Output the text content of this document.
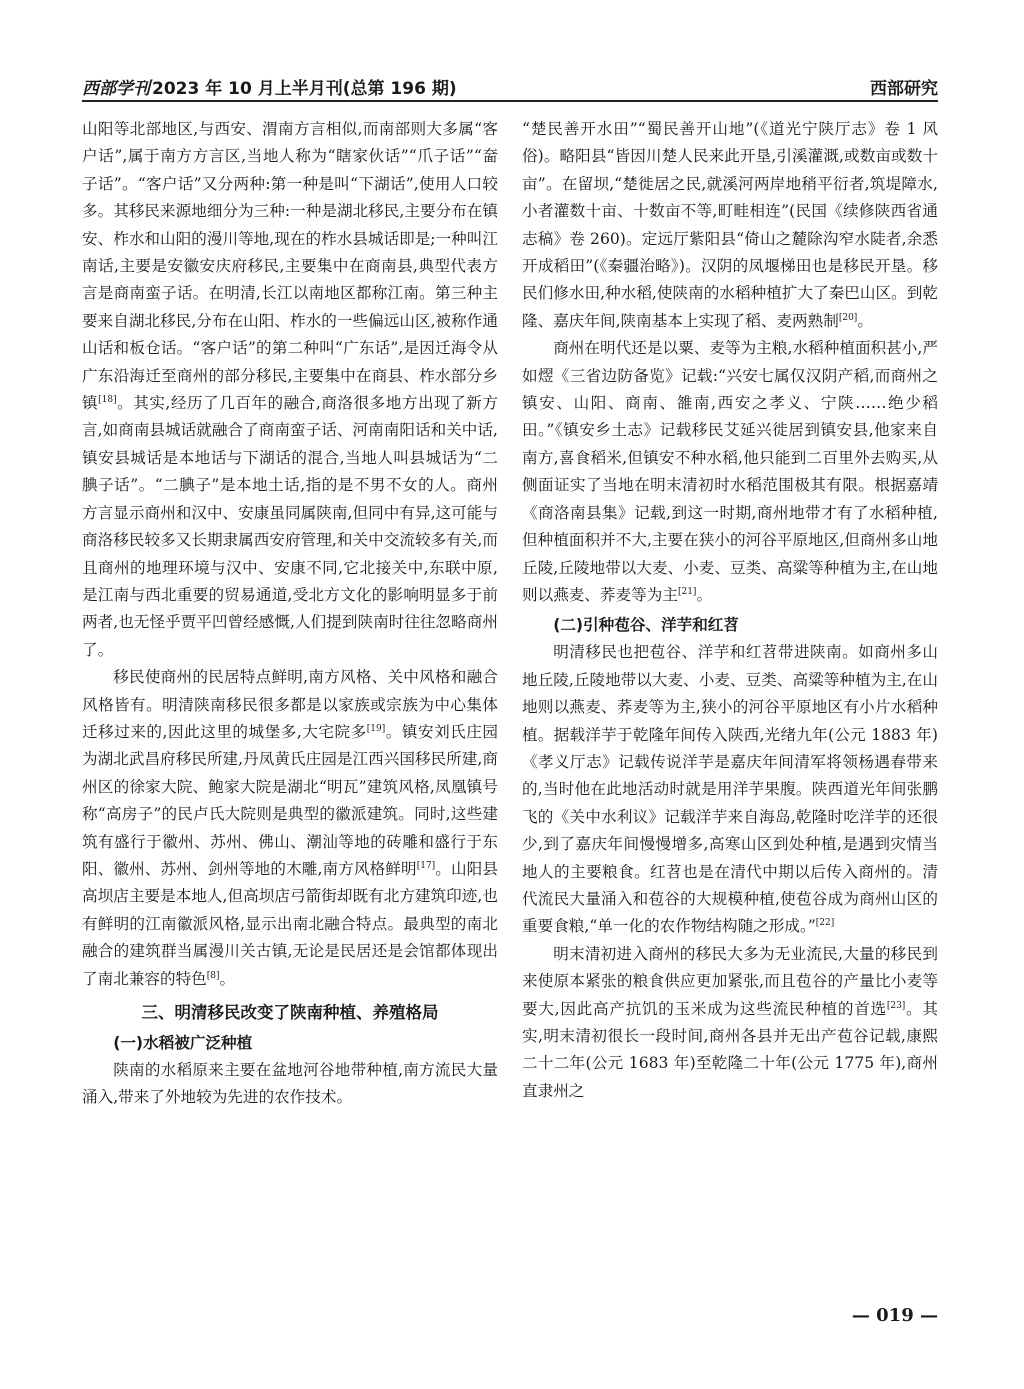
西部学刊 2023 年 10 月上半月刊(总第 196 期)	西部研究

山阳等北部地区,与西安、渭南方言相似,而南部则大多属“客户话”,属于南方方言区,当地人称为“瞎家伙话”“爪子话”“奤子话”。“客户话”又分两种:第一种是叫“下湖话”,使用人口较多。其移民来源地细分为三种:一种是湖北移民,主要分布在镇安、柞水和山阳的漫川等地,现在的柞水县城话即是;一种叫江南话,主要是安徽安庆府移民,主要集中在商南县,典型代表方言是商南蛮子话。在明清,长江以南地区都称江南。第三种主要来自湖北移民,分布在山阳、柞水的一些偏远山区,被称作通山话和板仓话。“客户话”的第二种叫“广东话”,是因迁海令从广东沿海迁至商州的部分移民,主要集中在商县、柞水部分乡镇[18]。其实,经历了几百年的融合,商洛很多地方出现了新方言,如商南县城话就融合了商南蛮子话、河南南阳话和关中话,镇安县城话是本地话与下湖话的混合,当地人叫县城话为“二腆子话”。“二腆子”是本地土话,指的是不男不女的人。商州方言显示商州和汉中、安康虽同属陕南,但同中有异,这可能与商洛移民较多又长期隶属西安府管理,和关中交流较多有关,而且商州的地理环境与汉中、安康不同,它北接关中,东联中原,是江南与西北重要的贸易通道,受北方文化的影响明显多于前两者,也无怪乎贾平凹曾经感慨,人们提到陕南时往往忽略商州了。

移民使商州的民居特点鲜明,南方风格、关中风格和融合风格皆有。明清陕南移民很多都是以家族或宗族为中心集体迁移过来的,因此这里的城堡多,大宅院多[19]。镇安刘氏庄园为湖北武昌府移民所建,丹凤黄氏庄园是江西兴国移民所建,商州区的徐家大院、鲍家大院是湖北“明瓦”建筑风格,凤凰镇号称“高房子”的民卢氏大院则是典型的徽派建筑。同时,这些建筑有盛行于徽州、苏州、佛山、潮汕等地的砖雕和盛行于东阳、徽州、苏州、剑州等地的木雕,南方风格鲜明[17]。山阳县高坝店主要是本地人,但高坝店弓箭街却既有北方建筑印迹,也有鲜明的江南徽派风格,显示出南北融合特点。最典型的南北融合的建筑群当属漫川关古镇,无论是民居还是会馆都体现出了南北兼容的特色[8]。

三、明清移民改变了陕南种植、养殖格局
(一)水稻被广泛种植

陕南的水稻原来主要在盆地河谷地带种植,南方流民大量涌入,带来了外地较为先进的农作技术。

“楚民善开水田”“蜀民善开山地”(《道光宁陕厅志》卷 1 风俗)。略阳县“皆因川楚人民来此开垦,引溪灌溉,或数亩或数十亩”。在留坝,“楚徙居之民,就溪河两岸地稍平衍者,筑堤障水,小者灌数十亩、十数亩不等,町畦相连”(民国《续修陕西省通志稿》卷 260)。定远厅紫阳县“倚山之麓除沟窄水陡者,余悉开成稻田”(《秦疆治略》)。汉阴的凤堰梯田也是移民开垦。移民们修水田,种水稻,使陕南的水稻种植扩大了秦巴山区。到乾隆、嘉庆年间,陕南基本上实现了稻、麦两熟制[20]。

商州在明代还是以粟、麦等为主粮,水稻种植面积甚小,严如熤《三省边防备览》记载:“兴安七属仅汉阴产稻,而商州之镇安、山阳、商南、雒南,西安之孝义、宁陕……绝少稻田。”《镇安乡土志》记载移民艾延兴徙居到镇安县,他家来自南方,喜食稻米,但镇安不种水稻,他只能到二百里外去购买,从侧面证实了当地在明末清初时水稻范围极其有限。根据嘉靖《商洛南县集》记载,到这一时期,商州地带才有了水稻种植,但种植面积并不大,主要在狭小的河谷平原地区,但商州多山地丘陵,丘陵地带以大麦、小麦、豆类、高粱等种植为主,在山地则以燕麦、荞麦等为主[21]。

(二)引种苞谷、洋芋和红苕

明清移民也把苞谷、洋芋和红苕带进陕南。如商州多山地丘陵,丘陵地带以大麦、小麦、豆类、高粱等种植为主,在山地则以燕麦、荞麦等为主,狭小的河谷平原地区有小片水稻种植。据载洋芋于乾隆年间传入陕西,光绪九年(公元 1883 年)《孝义厅志》记载传说洋芋是嘉庆年间清军将领杨遇春带来的,当时他在此地活动时就是用洋芋果腹。陕西道光年间张鹏飞的《关中水利议》记载洋芋来自海岛,乾隆时吃洋芋的还很少,到了嘉庆年间慢慢增多,高寒山区到处种植,是遇到灾情当地人的主要粮食。红苕也是在清代中期以后传入商州的。清代流民大量涌入和苞谷的大规模种植,使苞谷成为商州山区的重要食粮,“单一化的农作物结构随之形成。”[22]

明末清初进入商州的移民大多为无业流民,大量的移民到来使原本紧张的粮食供应更加紧张,而且苞谷的产量比小麦等要大,因此高产抗饥的玉米成为这些流民种植的首选[23]。其实,明末清初很长一段时间,商州各县并无出产苞谷记载,康熙二十二年(公元 1683 年)至乾隆二十年(公元 1775 年),商州直隶州之

— 019 —
